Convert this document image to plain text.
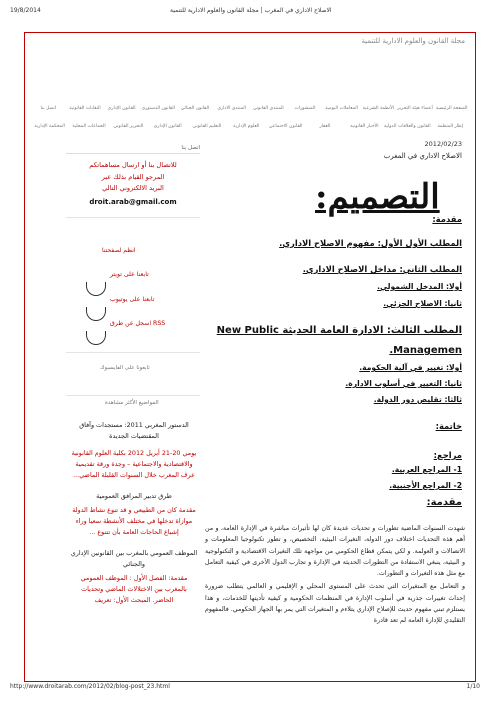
19/8/2014	الاصلاح الاداري في المغرب | مجلة القانون والعلوم الادارية للتنمية
مجلة القانون والعلوم الادارية للتنمية
الصفحة الرئيسية
أعضاء هيئة التحرير
الأنظمة الشرعية
المعاملات اليومية
المنشورات
المنتدى القانوني
المنتدى الاداري
القانون الجنائي
القانون الدستوري
القانون الإداري
النقابات القانونية
اتصل بنا
إطار المنظمة
القانون والعلاقات الدولية
الأخبار القانونية
العقار
القانون الاجتماعي
العلوم الإدارية
التعليم القانوني
القانون الإداري
التحرير القانوني
الجماعات المحلية
المحكمة الإدارية
2012/02/23
الاصلاح الاداري في المغرب
التصميم:
مقدمة:
المطلب الأول الأول: مفهوم الاصلاح الاداري.
المطلب الثاني: مداخل الاصلاح الاداري.
أولا: المدخل الشمولي.
ثانيا: الاصلاح الجزئي.
المطلب الثالث: الادارة العامة الحديثة New Public
Managemen.
أولا: تغيير في آلية الحكومة.
ثانيا: التغيير في أسلوب الادارة.
ثالثا: تقليص دور الدولة.
خاتمة:
مراجع:
1- المراجع العربية.
2- المراجع الأجنبية.
مقدمة:

شهدت السنوات الماضية تطورات و تحديات عديدة كان لها تأثيرات مباشرة في الإدارة العامة، و من أهم هذه التحديات اختلاف دور الدولة، التغيرات البيئية، التخصيص، و تطور تكنولوجيا المعلومات و الاتصالات و العولمة. و لكي يتمكن قطاع الحكومي من مواجهة تلك التغيرات الاقتصادية و التكنولوجية و البيئية، ينبغي الاستفادة من التطورات الحديثة في الإدارة و تجارب الدول الأخرى في كيفية التعامل مع مثل هذه التغيرات و التطورات.

و التعامل مع المتغيرات التي تحدث على المستوى المحلي و الإقليمي و العالمي يتطلب ضرورة إحداث تغييرات جذرية في أسلوب الإدارة في المنظمات الحكومية و كيفية تأديتها للخدمات، و هذا يستلزم تبني مفهوم حديث للإصلاح الإداري يتلاءم و المتغيرات التي يمر بها الجهاز الحكومي. فالمفهوم التقليدي للإدارة العامة لم تعد قادرة

اتصل بنا
للاتصال بنا أو ارسال مساهماتكم
المرجو القيام بذلك عبر
البريد الالكتروني التالي
droit.arab@gmail.com
انظم لصفحتنا
تابعنا على تويتر
تابعنا على يوتيوب
RSS اسجل عن طرق
تابعونا على الفايسبوك
المواضيع الأكثر مشاهدة
الدستور المغربي 2011: مستجدات وآفاق المقتضيات الجديدة
يومي 20-21 أبريل 2012 بكلية العلوم القانونية والاقتصادية والاجتماعية – وجدة ورقة تقديمية عرف المغرب خلال السنوات القليلة الماضي...
طرق تدبير المرافق العمومية
مقدمة كان من الطبيعي و قد تنوع نشاط الدولة موازاة تدخلها في مختلف الأنشطة سعيا وراء إشباع الحاجات العامة بأن تتنوع ...
الموظف العمومي بالمغرب بين القانونين الإداري والجنائي
مقدمة: الفصل الأول : الموظف العمومي بالمغرب بين الاختلالات الماضي وتحديات الحاضر. المبحث الأول: تعريف
http://www.droitarab.com/2012/02/blog-post_23.html	1/10
